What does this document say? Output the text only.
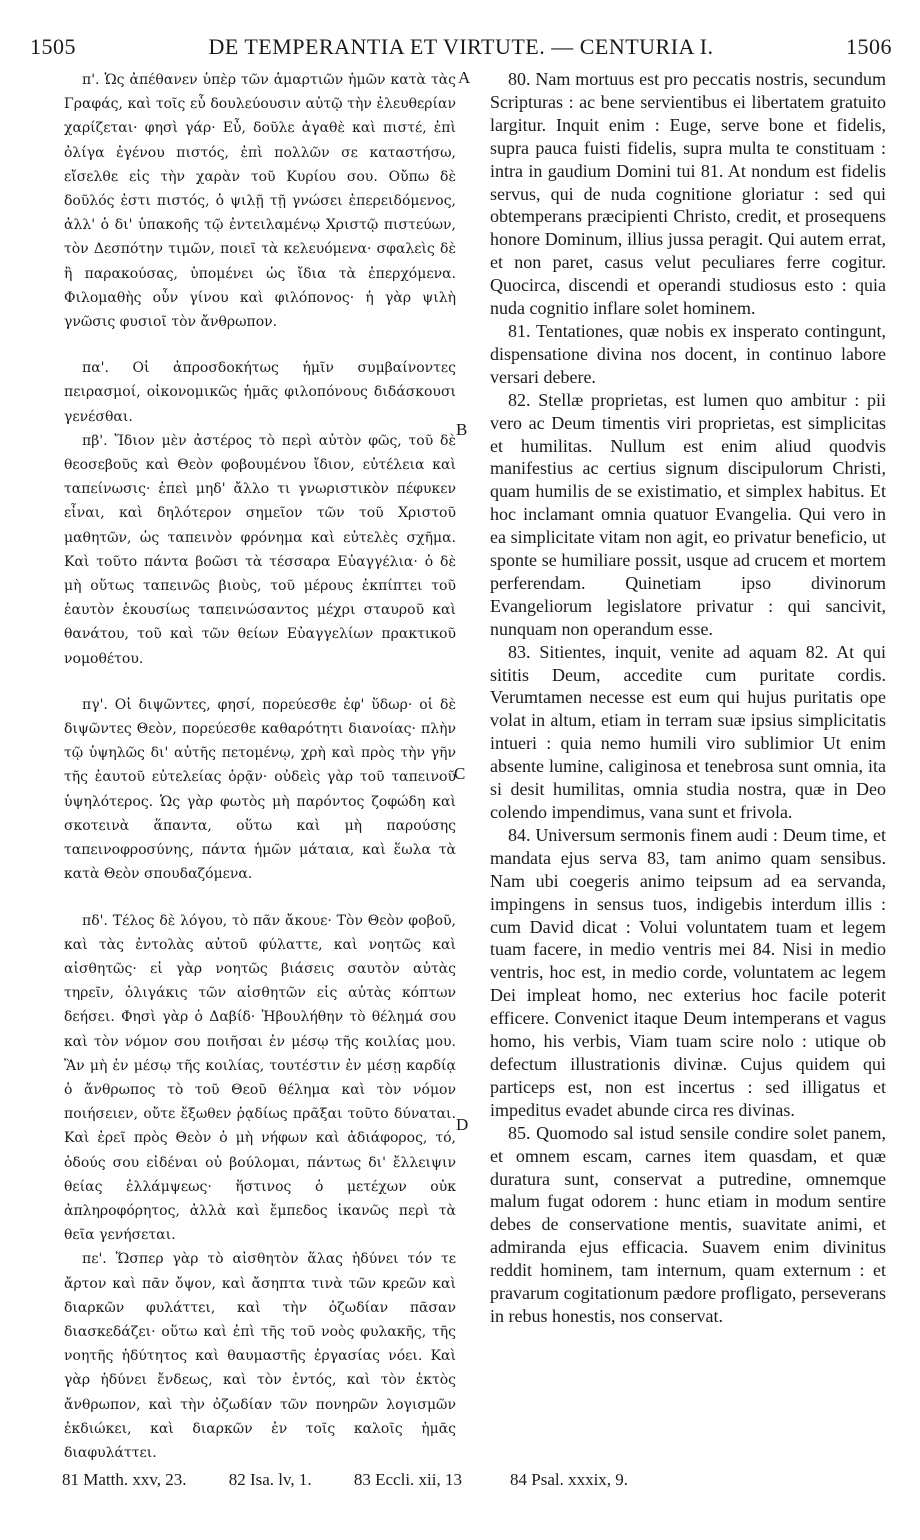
1505	DE TEMPERANTIA ET VIRTUTE. — CENTURIA I.	1506

π'. Ὡς ἀπέθανεν ὑπὲρ τῶν ἁμαρτιῶν ἡμῶν κατὰ τὰς Γραφάς, καὶ τοῖς εὖ δουλεύουσιν αὐτῷ τὴν ἐλευθερίαν χαρίζεται· φησὶ γάρ· Εὖ, δοῦλε ἀγαθὲ καὶ πιστέ, ἐπὶ ὀλίγα ἐγένου πιστός, ἐπὶ πολλῶν σε καταστήσω, εἴσελθε εἰς τὴν χαρὰν τοῦ Κυρίου σου. Οὔπω δὲ δοῦλός ἐστι πιστός, ὁ ψιλῇ τῇ γνώσει ἐπερειδόμενος, ἀλλ' ὁ δι' ὑπακοῆς τῷ ἐντειλαμένῳ Χριστῷ πιστεύων, τὸν Δεσπότην τιμῶν, ποιεῖ τὰ κελευόμενα· σφαλεὶς δὲ ἢ παρακούσας, ὑπομένει ὡς ἴδια τὰ ἐπερχόμενα. Φιλομαθὴς οὖν γίνου καὶ φιλόπονος· ἡ γὰρ ψιλὴ γνῶσις φυσιοῖ τὸν ἄνθρωπον.

πα'. Οἱ ἀπροσδοκήτως ἡμῖν συμβαίνοντες πειρασμοί, οἰκονομικῶς ἡμᾶς φιλοπόνους διδάσκουσι γενέσθαι.

πβ'. Ἴδιον μὲν ἀστέρος τὸ περὶ αὐτὸν φῶς, τοῦ δὲ θεοσεβοῦς καὶ Θεὸν φοβουμένου ἴδιον, εὐτέλεια καὶ ταπείνωσις· ἐπεὶ μηδ' ἄλλο τι γνωριστικὸν πέφυκεν εἶναι, καὶ δηλότερον σημεῖον τῶν τοῦ Χριστοῦ μαθητῶν, ὡς ταπεινὸν φρόνημα καὶ εὐτελὲς σχῆμα. Καὶ τοῦτο πάντα βοῶσι τὰ τέσσαρα Εὐαγγέλια· ὁ δὲ μὴ οὕτως ταπεινῶς βιοὺς, τοῦ μέρους ἐκπίπτει τοῦ ἑαυτὸν ἑκουσίως ταπεινώσαντος μέχρι σταυροῦ καὶ θανάτου, τοῦ καὶ τῶν θείων Εὐαγγελίων πρακτικοῦ νομοθέτου.

πγ'. Οἱ διψῶντες, φησί, πορεύεσθε ἐφ' ὕδωρ· οἱ δὲ διψῶντες Θεὸν, πορεύεσθε καθαρότητι διανοίας· πλὴν τῷ ὑψηλῶς δι' αὐτῆς πετομένῳ, χρὴ καὶ πρὸς τὴν γῆν τῆς ἑαυτοῦ εὐτελείας ὁρᾷν· οὐδεὶς γὰρ τοῦ ταπεινοῦ ὑψηλότερος. Ὡς γὰρ φωτὸς μὴ παρόντος ζοφώδη καὶ σκοτεινὰ ἅπαντα, οὕτω καὶ μὴ παρούσης ταπεινοφροσύνης, πάντα ἡμῶν μάταια, καὶ ἕωλα τὰ κατὰ Θεὸν σπουδαζόμενα.

πδ'. Τέλος δὲ λόγου, τὸ πᾶν ἄκουε· Τὸν Θεὸν φοβοῦ, καὶ τὰς ἐντολὰς αὐτοῦ φύλαττε, καὶ νοητῶς καὶ αἰσθητῶς· εἰ γὰρ νοητῶς βιάσεις σαυτὸν αὐτὰς τηρεῖν, ὀλιγάκις τῶν αἰσθητῶν εἰς αὐτὰς κόπτων δεήσει. Φησὶ γὰρ ὁ Δαβίδ· Ἠβουλήθην τὸ θέλημά σου καὶ τὸν νόμον σου ποιῆσαι ἐν μέσῳ τῆς κοιλίας μου. Ἂν μὴ ἐν μέσῳ τῆς κοιλίας, τουτέστιν ἐν μέσῃ καρδίᾳ ὁ ἄνθρωπος τὸ τοῦ Θεοῦ θέλημα καὶ τὸν νόμον ποιήσειεν, οὔτε ἔξωθεν ῥᾳδίως πρᾶξαι τοῦτο δύναται. Καὶ ἐρεῖ πρὸς Θεὸν ὁ μὴ νήφων καὶ ἀδιάφορος, τό, ὁδούς σου εἰδέναι οὐ βούλομαι, πάντως δι' ἔλλειψιν θείας ἐλλάμψεως· ἥστινος ὁ μετέχων οὐκ ἀπληροφόρητος, ἀλλὰ καὶ ἔμπεδος ἱκανῶς περὶ τὰ θεῖα γενήσεται.

πε'. Ὥσπερ γὰρ τὸ αἰσθητὸν ἅλας ἡδύνει τόν τε ἄρτον καὶ πᾶν ὄψον, καὶ ἄσηπτα τινὰ τῶν κρεῶν καὶ διαρκῶν φυλάττει, καὶ τὴν ὀζωδίαν πᾶσαν διασκεδάζει· οὕτω καὶ ἐπὶ τῆς τοῦ νοὸς φυλακῆς, τῆς νοητῆς ἡδύτητος καὶ θαυμαστῆς ἐργασίας νόει. Καὶ γὰρ ἡδύνει ἔνδεως, καὶ τὸν ἐντός, καὶ τὸν ἐκτὸς ἄνθρωπον, καὶ τὴν ὀζωδίαν τῶν πονηρῶν λογισμῶν ἐκδιώκει, καὶ διαρκῶν ἐν τοῖς καλοῖς ἡμᾶς διαφυλάττει.

A
B
C
D

80. Nam mortuus est pro peccatis nostris, secundum Scripturas : ac bene servientibus ei libertatem gratuito largitur. Inquit enim : Euge, serve bone et fidelis, supra pauca fuisti fidelis, supra multa te constituam : intra in gaudium Domini tui 81. At nondum est fidelis servus, qui de nuda cognitione gloriatur : sed qui obtemperans præcipienti Christo, credit, et prosequens honore Dominum, illius jussa peragit. Qui autem errat, et non paret, casus velut peculiares ferre cogitur. Quocirca, discendi et operandi studiosus esto : quia nuda cognitio inflare solet hominem.

81. Tentationes, quæ nobis ex insperato contingunt, dispensatione divina nos docent, in continuo labore versari debere.

82. Stellæ proprietas, est lumen quo ambitur : pii vero ac Deum timentis viri proprietas, est simplicitas et humilitas. Nullum est enim aliud quodvis manifestius ac certius signum discipulorum Christi, quam humilis de se existimatio, et simplex habitus. Et hoc inclamant omnia quatuor Evangelia. Qui vero in ea simplicitate vitam non agit, eo privatur beneficio, ut sponte se humiliare possit, usque ad crucem et mortem perferendam. Quinetiam ipso divinorum Evangeliorum legislatore privatur : qui sancivit, nunquam non operandum esse.

83. Sitientes, inquit, venite ad aquam 82. At qui sititis Deum, accedite cum puritate cordis. Verumtamen necesse est eum qui hujus puritatis ope volat in altum, etiam in terram suæ ipsius simplicitatis intueri : quia nemo humili viro sublimior Ut enim absente lumine, caliginosa et tenebrosa sunt omnia, ita si desit humilitas, omnia studia nostra, quæ in Deo colendo impendimus, vana sunt et frivola.

84. Universum sermonis finem audi : Deum time, et mandata ejus serva 83, tam animo quam sensibus. Nam ubi coegeris animo teipsum ad ea servanda, impingens in sensus tuos, indigebis interdum illis : cum David dicat : Volui voluntatem tuam et legem tuam facere, in medio ventris mei 84. Nisi in medio ventris, hoc est, in medio corde, voluntatem ac legem Dei impleat homo, nec exterius hoc facile poterit efficere. Convenict itaque Deum intemperans et vagus homo, his verbis, Viam tuam scire nolo : utique ob defectum illustrationis divinæ. Cujus quidem qui particeps est, non est incertus : sed illigatus et impeditus evadet abunde circa res divinas.

85. Quomodo sal istud sensile condire solet panem, et omnem escam, carnes item quasdam, et quæ duratura sunt, conservat a putredine, omnemque malum fugat odorem : hunc etiam in modum sentire debes de conservatione mentis, suavitate animi, et admiranda ejus efficacia. Suavem enim divinitus reddit hominem, tam internum, quam externum : et pravarum cogitationum pædore profligato, perseverans in rebus honestis, nos conservat.

81 Matth. xxv, 23. 82 Isa. lv, 1. 83 Eccli. xii, 13	84 Psal. xxxix, 9.
